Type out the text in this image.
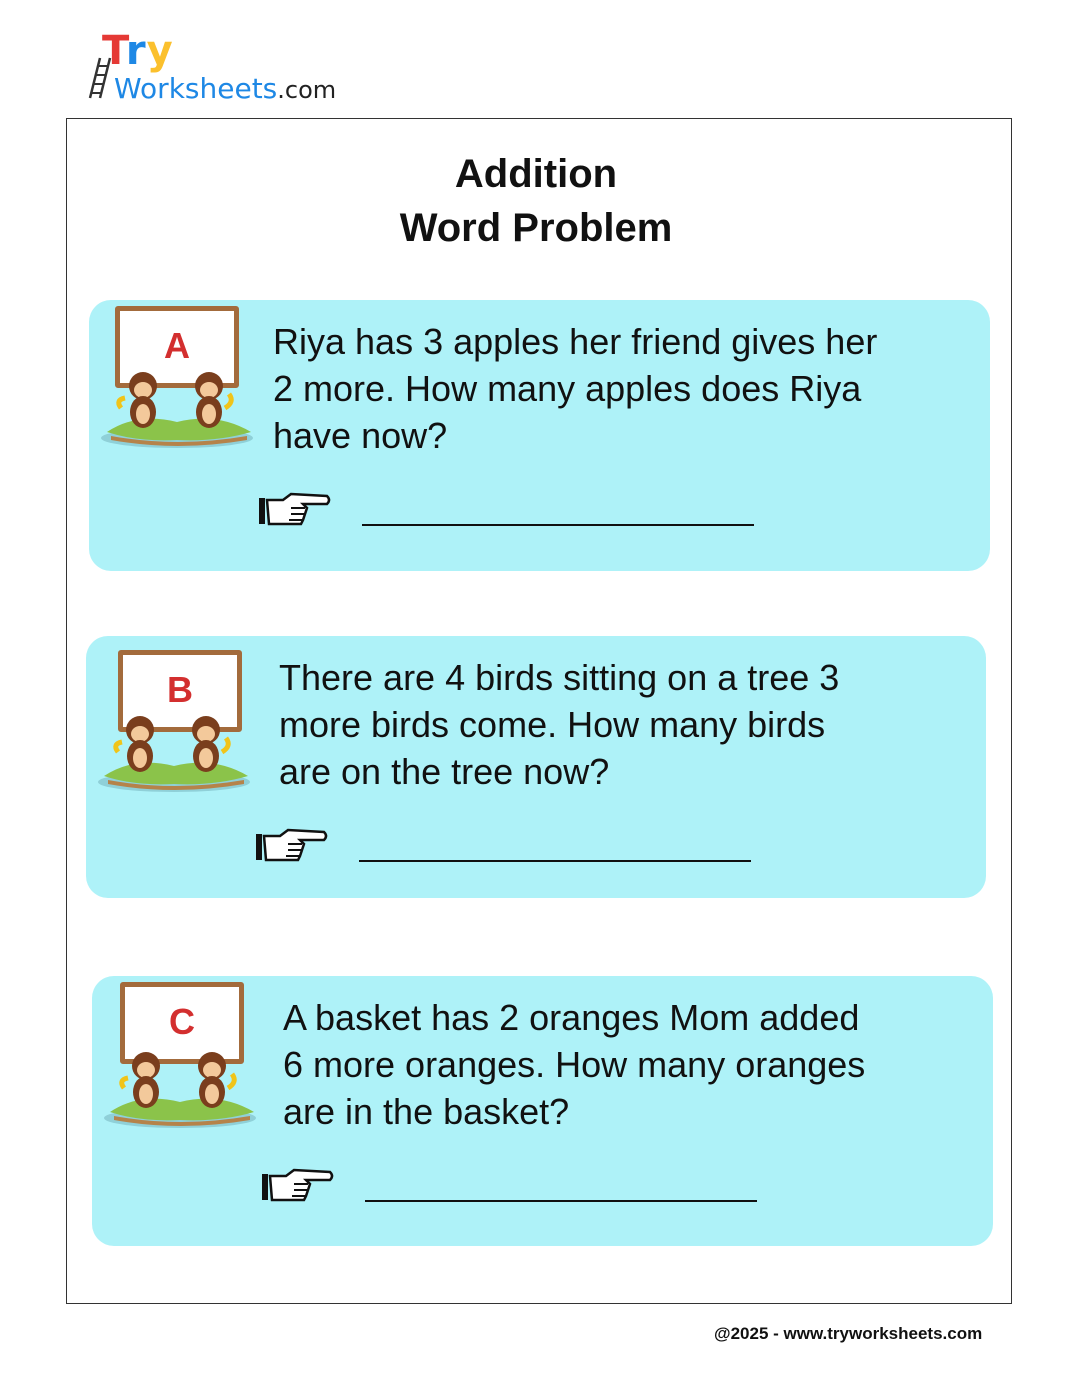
Try
Worksheets.com
Addition
Word Problem
A	Riya has 3 apples her friend gives her
2 more. How many apples does Riya
have now?
B	There are 4 birds sitting on a tree 3
more birds come. How many birds
are on the tree now?
C	A basket has 2 oranges Mom added
6 more oranges. How many oranges
are in the basket?
@2025 - www.tryworksheets.com
